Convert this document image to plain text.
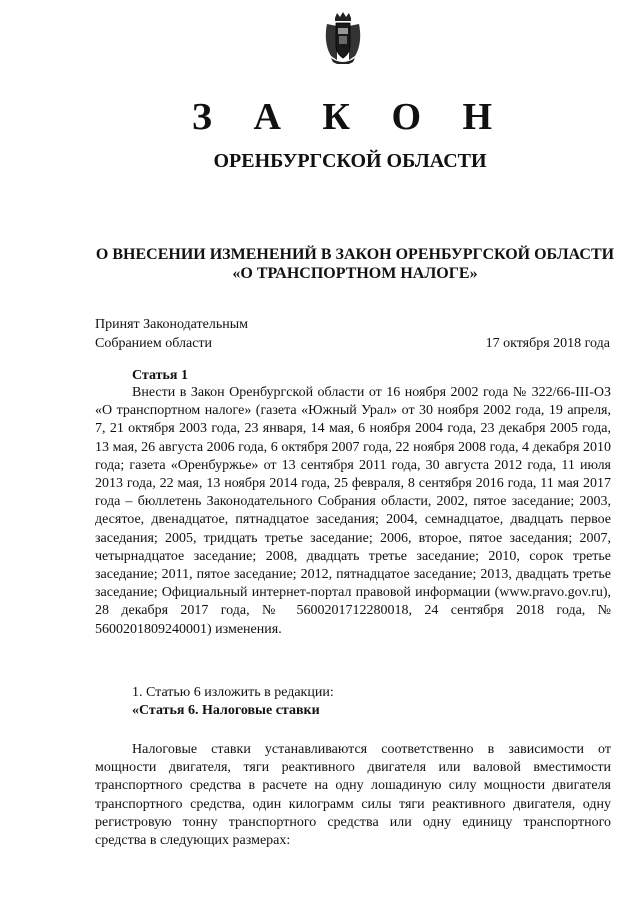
З А К О Н
ОРЕНБУРГСКОЙ ОБЛАСТИ
О ВНЕСЕНИИ ИЗМЕНЕНИЙ В ЗАКОН ОРЕНБУРГСКОЙ ОБЛАСТИ
«О ТРАНСПОРТНОМ НАЛОГЕ»
Принят Законодательным
Собранием области	17 октября 2018 года
Статья 1
Внести в Закон Оренбургской области от 16 ноября 2002 года № 322/66-III-ОЗ «О транспортном налоге» (газета «Южный Урал» от 30 ноября 2002 года, 19 апреля, 7, 21 октября 2003 года, 23 января, 14 мая, 6 ноября 2004 года, 23 декабря 2005 года, 13 мая, 26 августа 2006 года, 6 октября 2007 года, 22 ноября 2008 года, 4 декабря 2010 года; газета «Оренбуржье» от 13 сентября 2011 года, 30 августа 2012 года, 11 июля 2013 года, 22 мая, 13 ноября 2014 года, 25 февраля, 8 сентября 2016 года, 11 мая 2017 года – бюллетень Законодательного Собрания области, 2002, пятое заседание; 2003, десятое, двенадцатое, пятнадцатое заседания; 2004, семнадцатое, двадцать первое заседания; 2005, тридцать третье заседание; 2006, второе, пятое заседания; 2007, четырнадцатое заседание; 2008, двадцать третье заседание; 2010, сорок третье заседание; 2011, пятое заседание; 2012, пятнадцатое заседание; 2013, двадцать третье заседание; Официальный интернет-портал правовой информации (www.pravo.gov.ru), 28 декабря 2017 года, № 5600201712280018, 24 сентября 2018 года, № 5600201809240001) изменения.
1. Статью 6 изложить в редакции:
«Статья 6. Налоговые ставки
Налоговые ставки устанавливаются соответственно в зависимости от мощности двигателя, тяги реактивного двигателя или валовой вместимости транспортного средства в расчете на одну лошадиную силу мощности двигателя транспортного средства, один килограмм силы тяги реактивного двигателя, одну регистровую тонну транспортного средства или одну единицу транспортного средства в следующих размерах:
